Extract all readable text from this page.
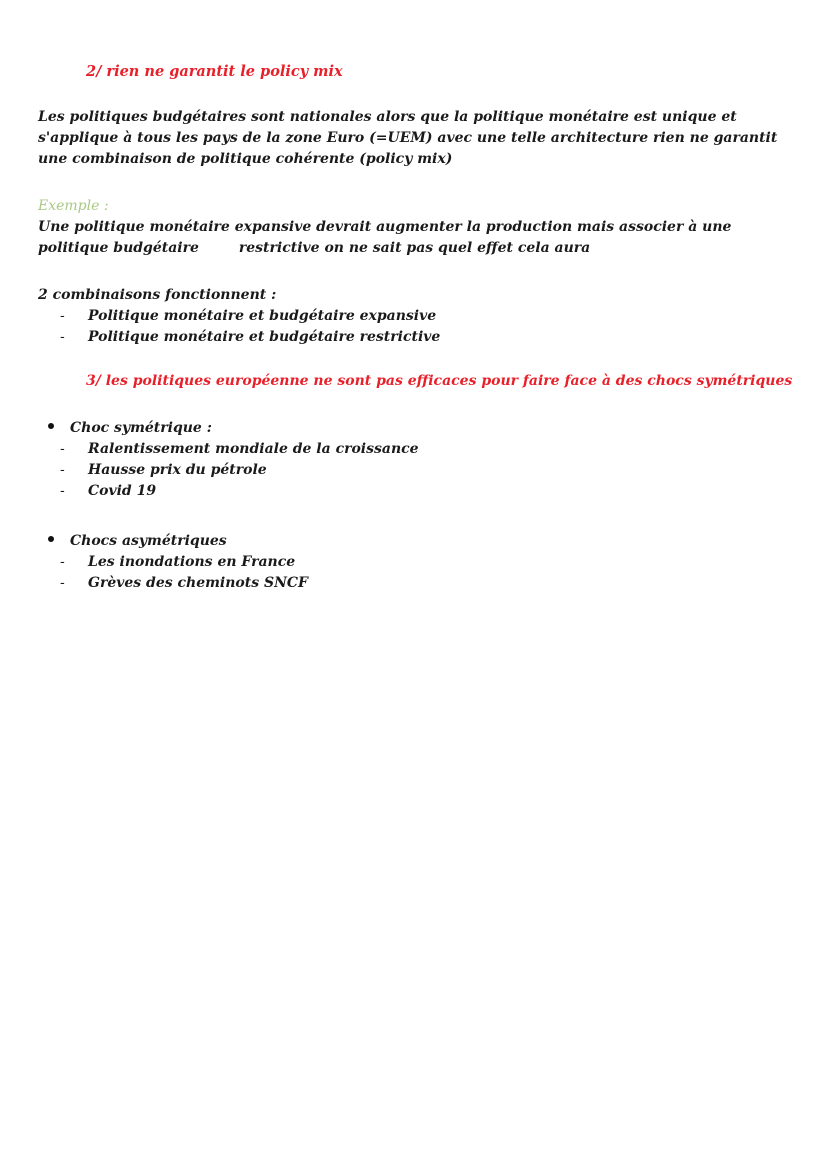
2/ rien ne garantit le policy mix
Les politiques budgétaires sont nationales alors que la politique monétaire est unique et
s'applique à tous les pays de la zone Euro (=UEM) avec une telle architecture rien ne garantit
une combinaison de politique cohérente (policy mix)
Exemple :
Une politique monétaire expansive devrait augmenter la production mais associer à une
politique budgétaire	restrictive on ne sait pas quel effet cela aura
2 combinaisons fonctionnent :
- Politique monétaire et budgétaire expansive
- Politique monétaire et budgétaire restrictive
3/ les politiques européenne ne sont pas efficaces pour faire face à des chocs symétriques
Choc symétrique :
- Ralentissement mondiale de la croissance
- Hausse prix du pétrole
- Covid 19
Chocs asymétriques
- Les inondations en France
- Grèves des cheminots SNCF
